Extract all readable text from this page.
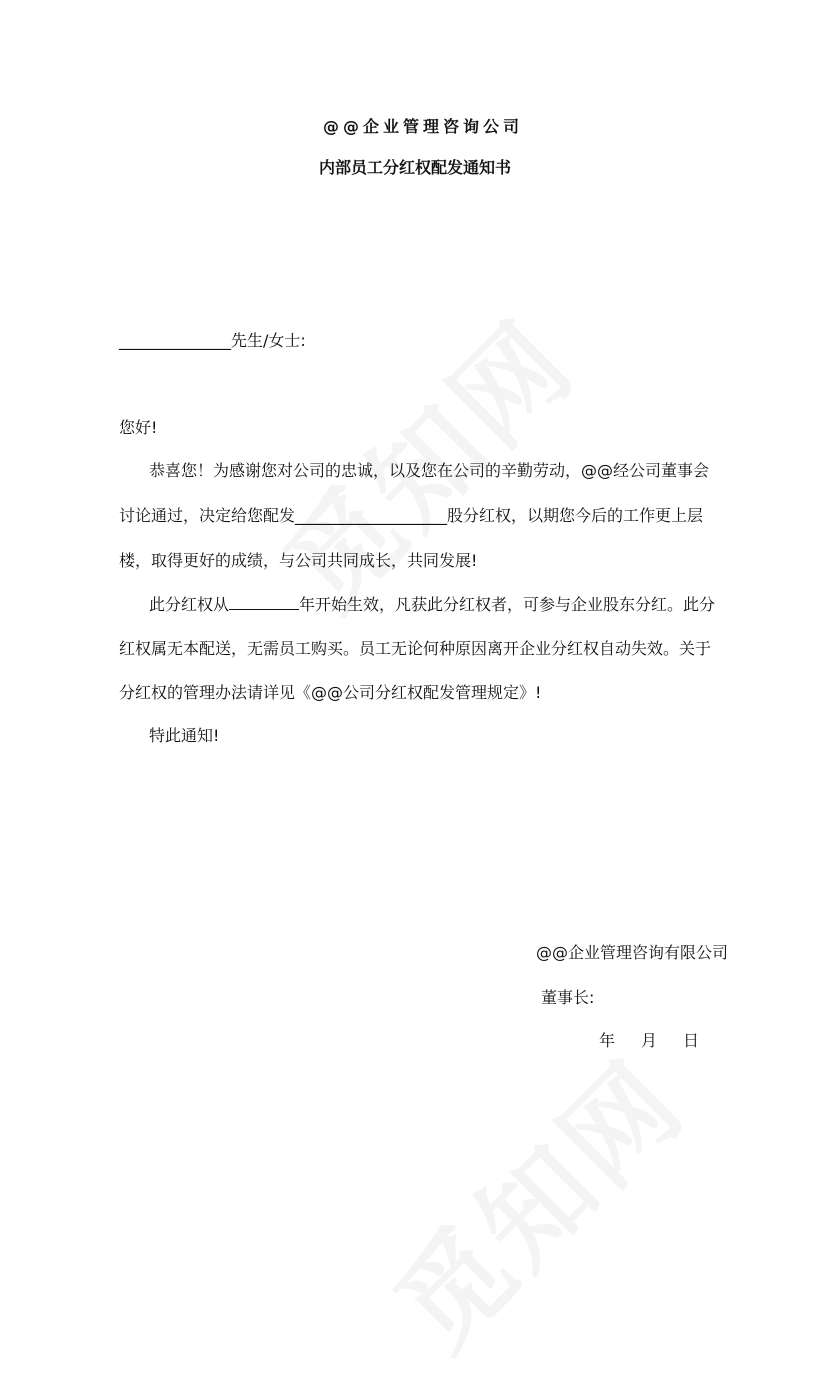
@@企业管理咨询公司
内部员工分红权配发通知书
______________先生/女士:
您好!
恭喜您！为感谢您对公司的忠诚，以及您在公司的辛勤劳动，@@经公司董事会
讨论通过，决定给您配发___________________股分红权，以期您今后的工作更上层
楼，取得更好的成绩，与公司共同成长，共同发展!
此分红权从	年开始生效，凡获此分红权者，可参与企业股东分红。此分
红权属无本配送，无需员工购买。员工无论何种原因离开企业分红权自动失效。关于
分红权的管理办法请详见《@@公司分红权配发管理规定》!
特此通知!
@@企业管理咨询有限公司
董事长:
年 月 日
